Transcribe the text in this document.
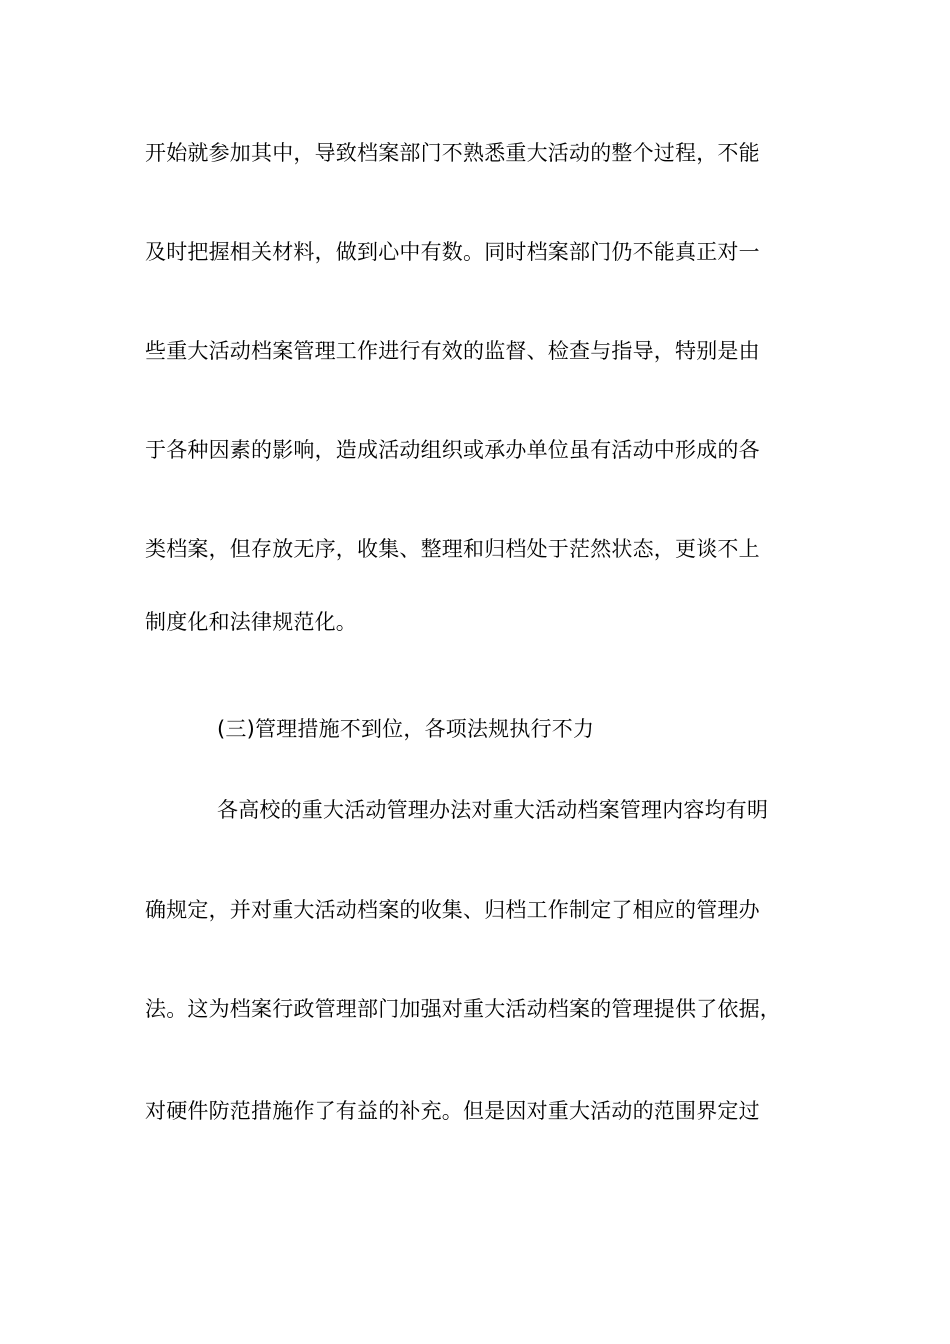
开始就参加其中，导致档案部门不熟悉重大活动的整个过程，不能
及时把握相关材料，做到心中有数。同时档案部门仍不能真正对一
些重大活动档案管理工作进行有效的监督、检查与指导，特别是由
于各种因素的影响，造成活动组织或承办单位虽有活动中形成的各
类档案，但存放无序，收集、整理和归档处于茫然状态，更谈不上
制度化和法律规范化。
(三)管理措施不到位，各项法规执行不力
各高校的重大活动管理办法对重大活动档案管理内容均有明
确规定，并对重大活动档案的收集、归档工作制定了相应的管理办
法。这为档案行政管理部门加强对重大活动档案的管理提供了依据，
对硬件防范措施作了有益的补充。但是因对重大活动的范围界定过
